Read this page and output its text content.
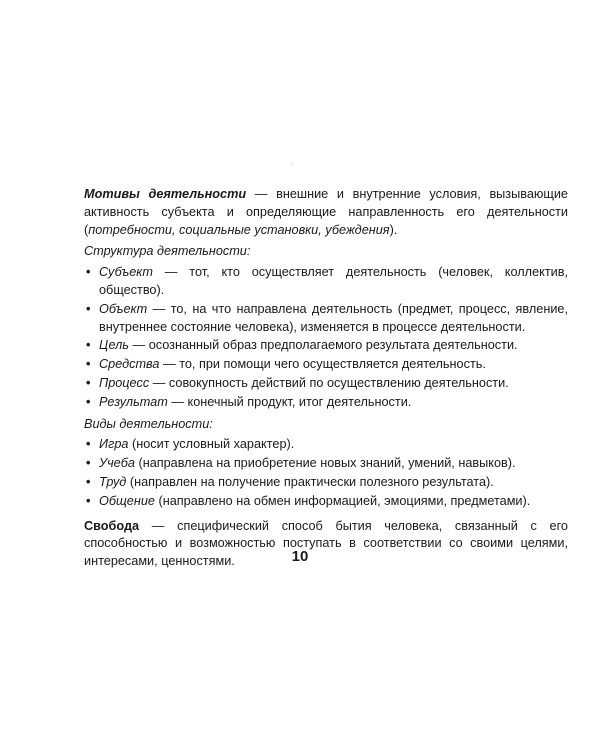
Мотивы деятельности — внешние и внутренние условия, вызывающие активность субъекта и определяющие направленность его деятельности (потребности, социальные установки, убеждения).

Структура деятельности:

• Субъект — тот, кто осуществляет деятельность (человек, коллектив, общество).
• Объект — то, на что направлена деятельность (предмет, процесс, явление, внутреннее состояние человека), изменяется в процессе деятельности.
• Цель — осознанный образ предполагаемого результата деятельности.
• Средства — то, при помощи чего осуществляется деятельность.
• Процесс — совокупность действий по осуществлению деятельности.
• Результат — конечный продукт, итог деятельности.

Виды деятельности:

• Игра (носит условный характер).
• Учеба (направлена на приобретение новых знаний, умений, навыков).
• Труд (направлен на получение практически полезного результата).
• Общение (направлено на обмен информацией, эмоциями, предметами).

Свобода — специфический способ бытия человека, связанный с его способностью и возможностью поступать в соответствии со своими целями, интересами, ценностями.	10
